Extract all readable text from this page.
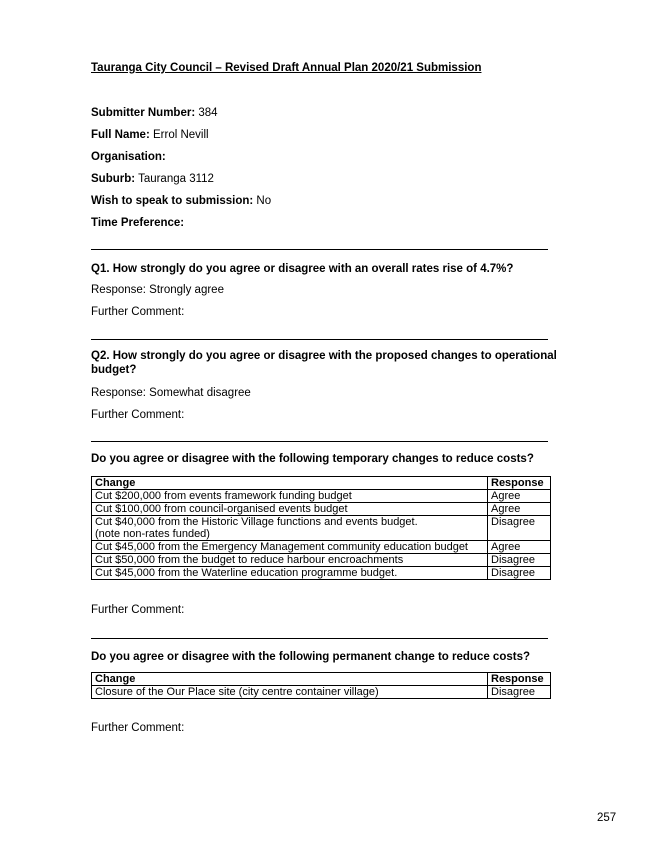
Tauranga City Council – Revised Draft Annual Plan 2020/21 Submission
Submitter Number: 384
Full Name: Errol Nevill
Organisation:
Suburb: Tauranga 3112
Wish to speak to submission: No
Time Preference:
Q1. How strongly do you agree or disagree with an overall rates rise of 4.7%?
Response: Strongly agree
Further Comment:
Q2. How strongly do you agree or disagree with the proposed changes to operational
budget?
Response: Somewhat disagree
Further Comment:
Do you agree or disagree with the following temporary changes to reduce costs?
Change	Response
Cut $200,000 from events framework funding budget	Agree
Cut $100,000 from council-organised events budget	Agree

Cut $40,000 from the Historic Village functions and events budget.
(note non-rates funded)	Disagree
Cut $45,000 from the Emergency Management community education budget	Agree
Cut $50,000 from the budget to reduce harbour encroachments	Disagree
Cut $45,000 from the Waterline education programme budget.	Disagree
Further Comment:
Do you agree or disagree with the following permanent change to reduce costs?
Change	Response
Closure of the Our Place site (city centre container village)	Disagree
Further Comment:
257
